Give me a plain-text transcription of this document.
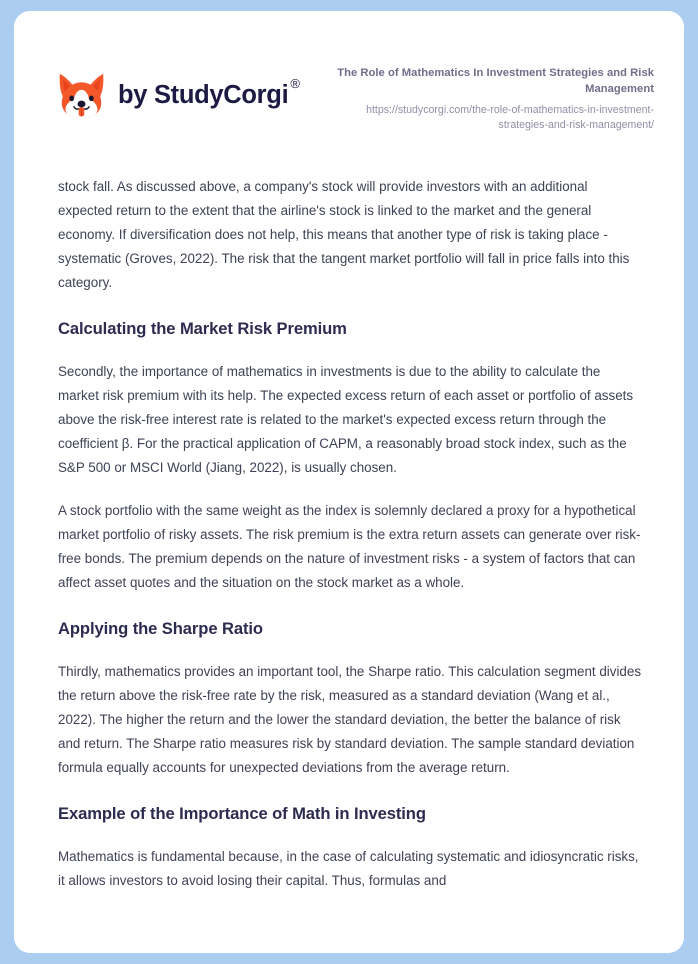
by StudyCorgi ®
The Role of Mathematics In Investment Strategies and Risk Management
https://studycorgi.com/the-role-of-mathematics-in-investment-strategies-and-risk-management/

stock fall. As discussed above, a company's stock will provide investors with an additional expected return to the extent that the airline's stock is linked to the market and the general economy. If diversification does not help, this means that another type of risk is taking place - systematic (Groves, 2022). The risk that the tangent market portfolio will fall in price falls into this category.

Calculating the Market Risk Premium

Secondly, the importance of mathematics in investments is due to the ability to calculate the market risk premium with its help. The expected excess return of each asset or portfolio of assets above the risk-free interest rate is related to the market's expected excess return through the coefficient β. For the practical application of CAPM, a reasonably broad stock index, such as the S&P 500 or MSCI World (Jiang, 2022), is usually chosen.

A stock portfolio with the same weight as the index is solemnly declared a proxy for a hypothetical market portfolio of risky assets. The risk premium is the extra return assets can generate over risk-free bonds. The premium depends on the nature of investment risks - a system of factors that can affect asset quotes and the situation on the stock market as a whole.

Applying the Sharpe Ratio

Thirdly, mathematics provides an important tool, the Sharpe ratio. This calculation segment divides the return above the risk-free rate by the risk, measured as a standard deviation (Wang et al., 2022). The higher the return and the lower the standard deviation, the better the balance of risk and return. The Sharpe ratio measures risk by standard deviation. The sample standard deviation formula equally accounts for unexpected deviations from the average return.

Example of the Importance of Math in Investing

Mathematics is fundamental because, in the case of calculating systematic and idiosyncratic risks, it allows investors to avoid losing their capital. Thus, formulas and
